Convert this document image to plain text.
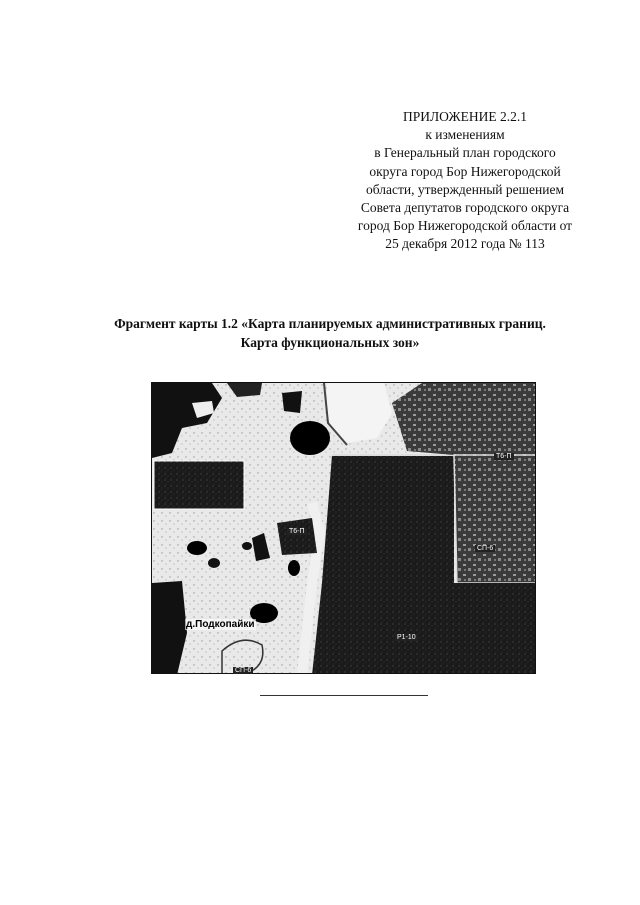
ПРИЛОЖЕНИЕ 2.2.1
к изменениям
в Генеральный план городского
округа город Бор Нижегородской
области, утвержденный решением
Совета депутатов городского округа
город Бор Нижегородской области от
25 декабря 2012 года № 113
Фрагмент карты 1.2 «Карта планируемых административных границ.
Карта функциональных зон»
Т6-П
СП-6
Р1-10
Т6-П
СП-6
д.Подкопайки
